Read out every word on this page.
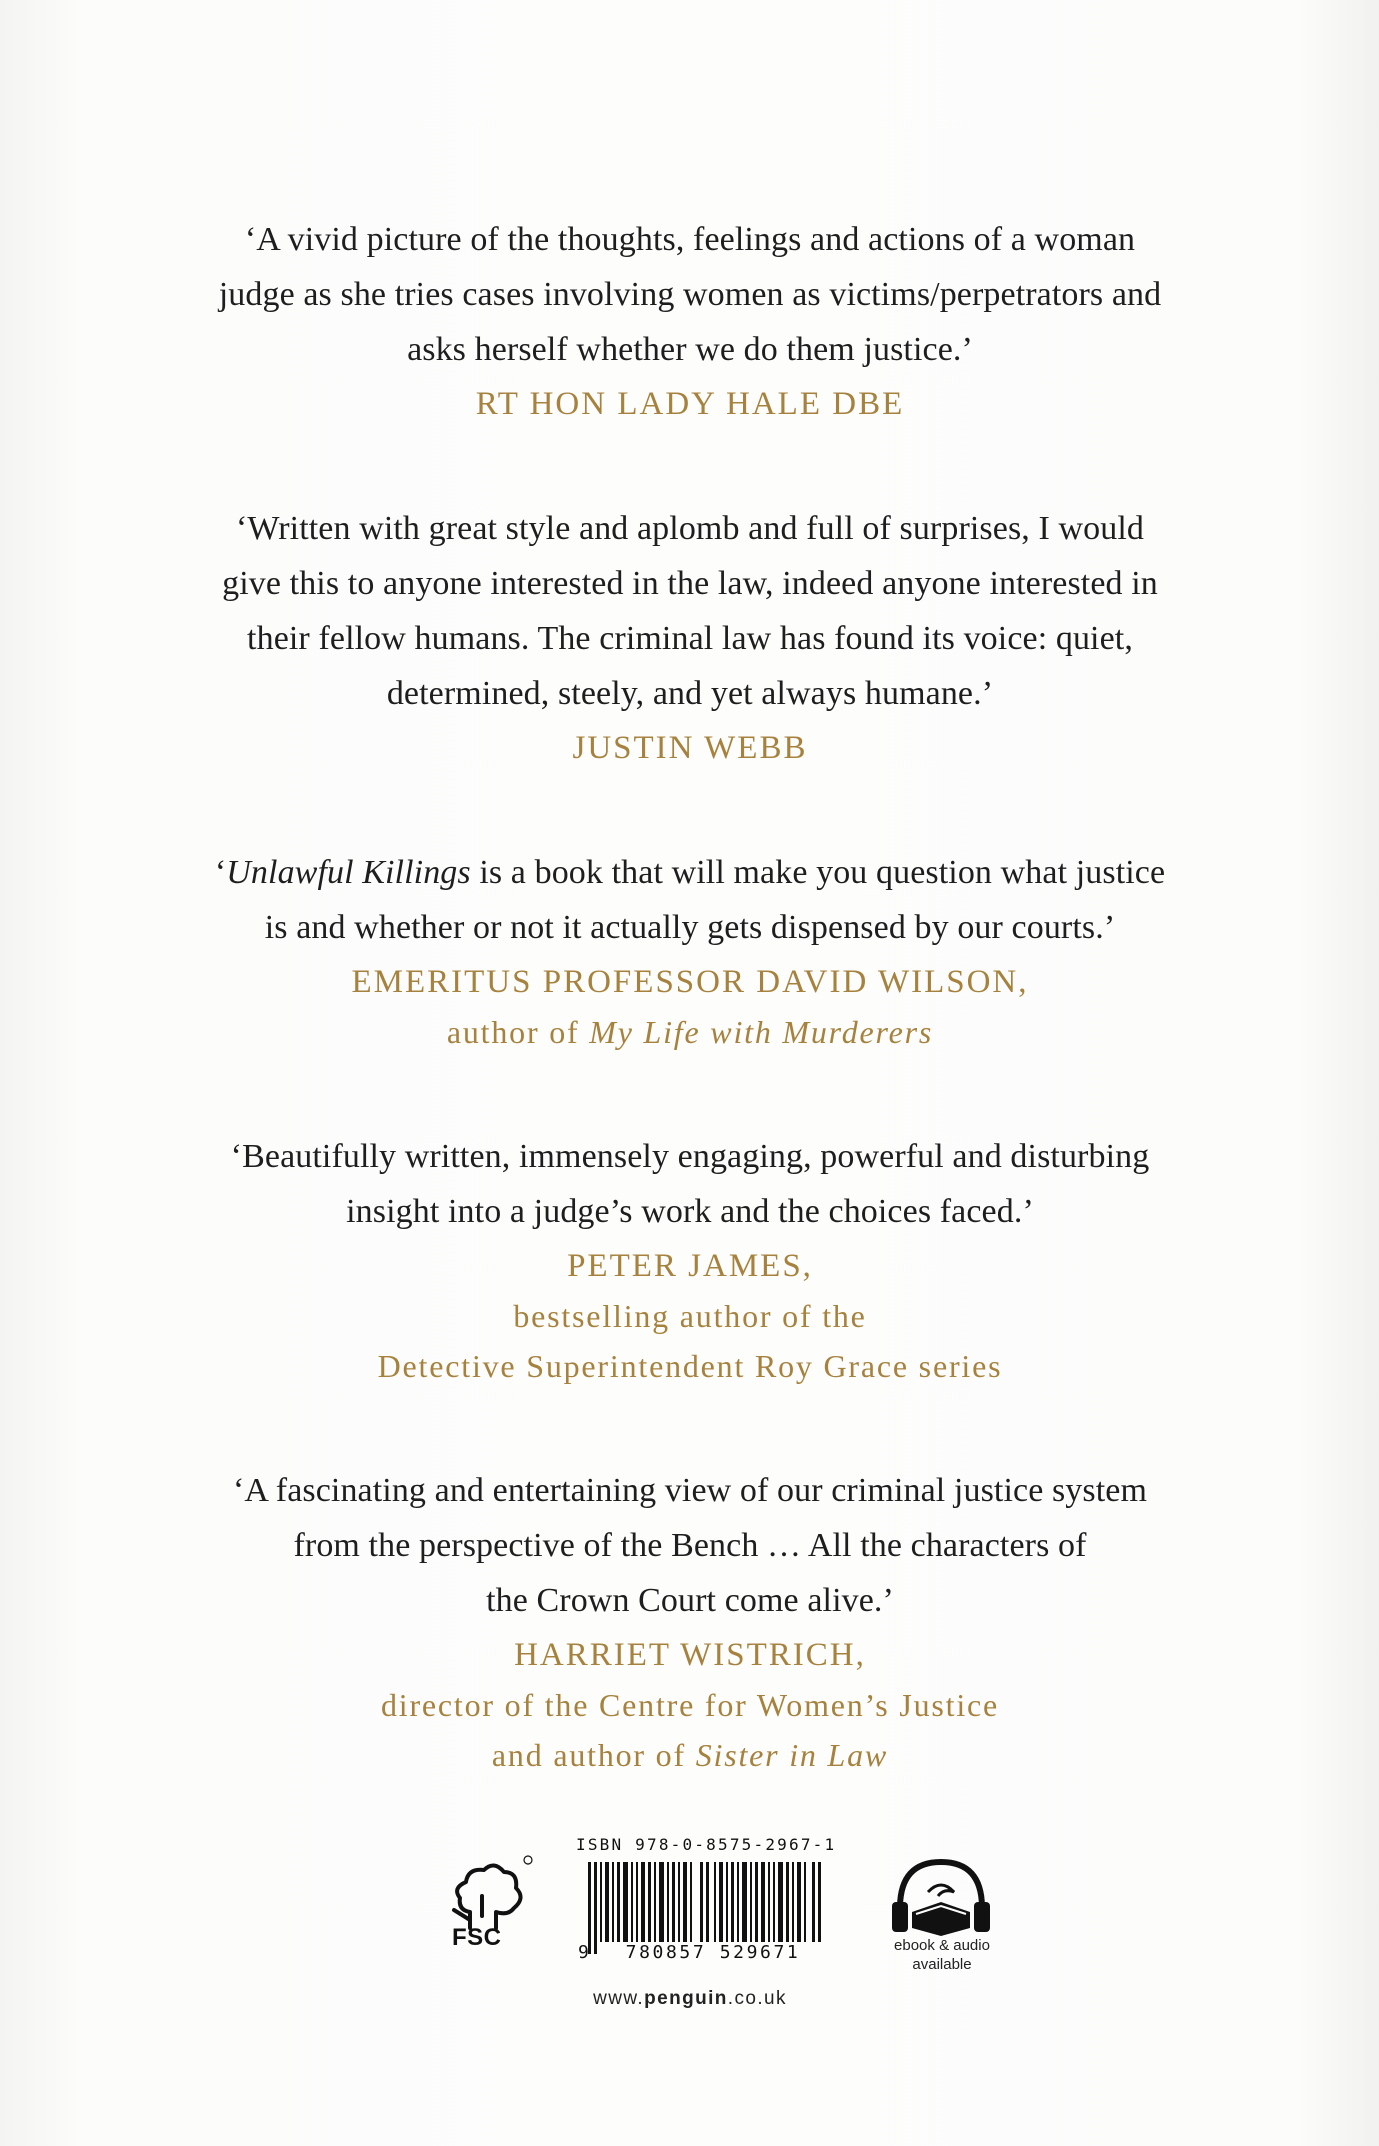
‘A vivid picture of the thoughts, feelings and actions of a woman
judge as she tries cases involving women as victims/perpetrators and
asks herself whether we do them justice.’

RT HON LADY HALE DBE

‘Written with great style and aplomb and full of surprises, I would
give this to anyone interested in the law, indeed anyone interested in
their fellow humans. The criminal law has found its voice: quiet,
determined, steely, and yet always humane.’

JUSTIN WEBB

‘Unlawful Killings is a book that will make you question what justice
is and whether or not it actually gets dispensed by our courts.’

EMERITUS PROFESSOR DAVID WILSON,
author of My Life with Murderers

‘Beautifully written, immensely engaging, powerful and disturbing
insight into a judge’s work and the choices faced.’

PETER JAMES,
bestselling author of the
Detective Superintendent Roy Grace series

‘A fascinating and entertaining view of our criminal justice system
from the perspective of the Bench … All the characters of
the Crown Court come alive.’

HARRIET WISTRICH,
director of the Centre for Women’s Justice
and author of Sister in Law
FSC
ISBN 978-0-8575-2967-1
9	780857 529671	ebook & audio
available
www.penguin.co.uk
